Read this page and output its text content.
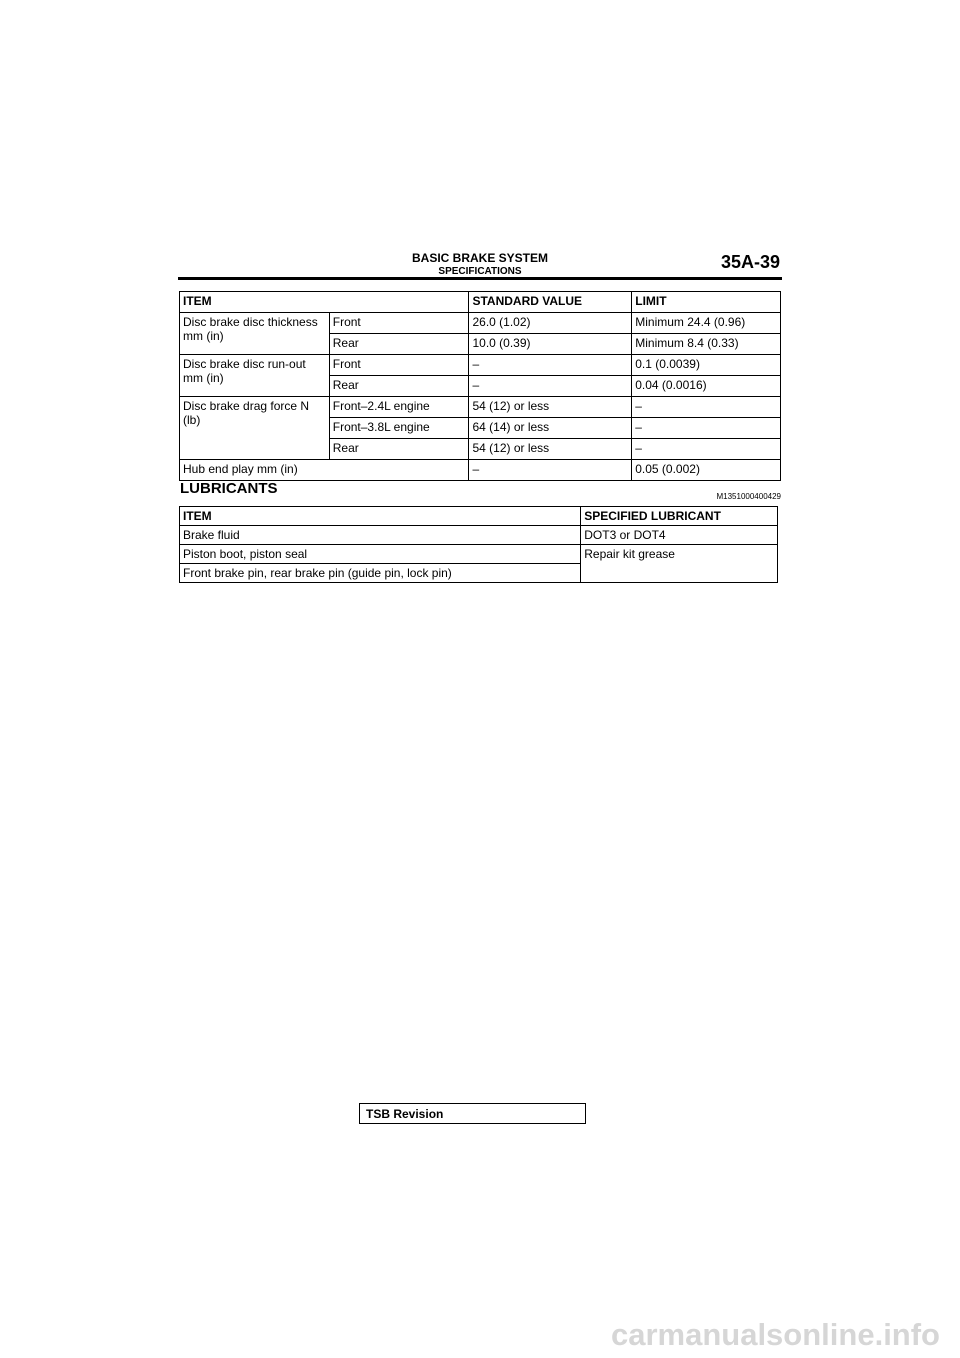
BASIC BRAKE SYSTEM
SPECIFICATIONS	35A-39
ITEM		STANDARD VALUE	LIMIT
Disc brake disc thickness mm (in)	Front	26.0 (1.02)	Minimum 24.4 (0.96)
	Rear	10.0 (0.39)	Minimum 8.4 (0.33)
Disc brake disc run-out mm (in)	Front	–	0.1 (0.0039)
	Rear	–	0.04 (0.0016)
Disc brake drag force N (lb)	Front–2.4L engine	54 (12) or less	–
	Front–3.8L engine	64 (14) or less	–
	Rear	54 (12) or less	–
Hub end play mm (in)		–	0.05 (0.002)
LUBRICANTS	M1351000400429
ITEM	SPECIFIED LUBRICANT
Brake fluid	DOT3 or DOT4
Piston boot, piston seal	Repair kit grease
Front brake pin, rear brake pin (guide pin, lock pin)	
TSB Revision
carmanualsonline.info
